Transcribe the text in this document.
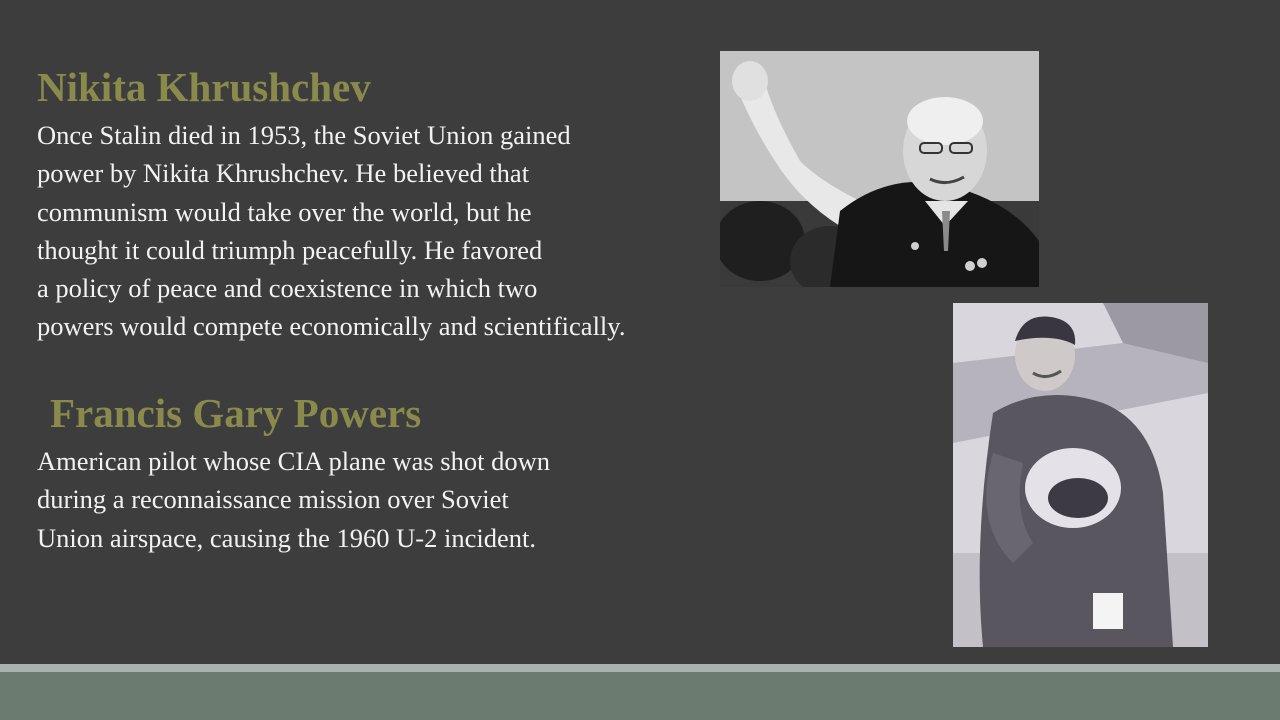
Nikita Khrushchev

Once Stalin died in 1953, the Soviet Union gained
power by Nikita Khrushchev. He believed that
communism would take over the world, but he
thought it could triumph peacefully. He favored
a policy of peace and coexistence in which two
powers would compete economically and scientifically.

Francis Gary Powers

American pilot whose CIA plane was shot down
during a reconnaissance mission over Soviet
Union airspace, causing the 1960 U-2 incident.
